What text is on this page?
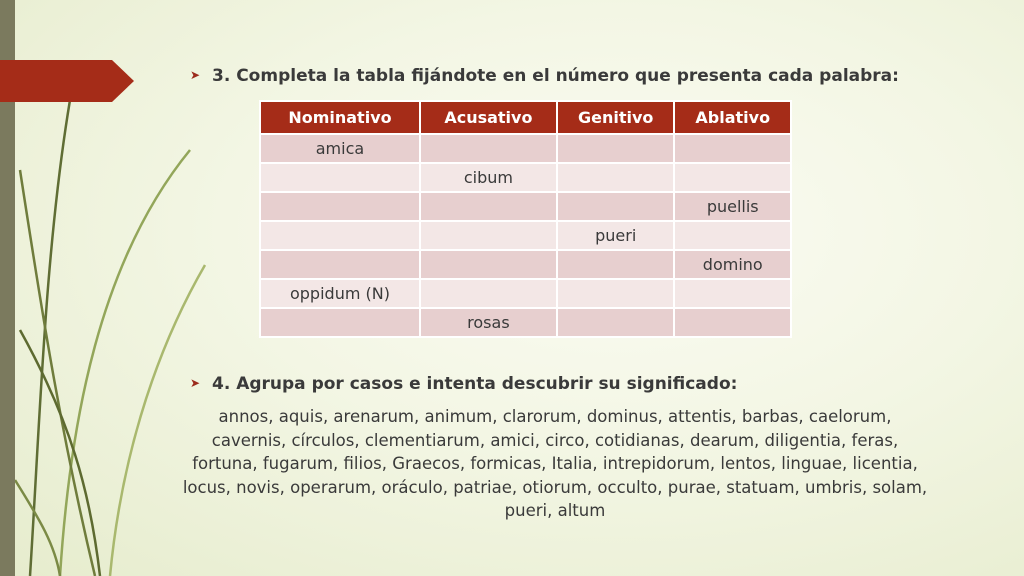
➤ 3. Completa la tabla fijándote en el número que presenta cada palabra:
Nominativo	Acusativo	Genitivo	Ablativo
amica			
	cibum		
			puellis
		pueri	
			domino
oppidum (N)			
	rosas		
➤ 4. Agrupa por casos e intenta descubrir su significado:
annos, aquis, arenarum, animum, clarorum, dominus, attentis, barbas, caelorum, cavernis, círculos, clementiarum, amici, circo, cotidianas, dearum, diligentia, feras, fortuna, fugarum, filios, Graecos, formicas, Italia, intrepidorum, lentos, linguae, licentia, locus, novis, operarum, oráculo, patriae, otiorum, occulto, purae, statuam, umbris, solam, pueri, altum
